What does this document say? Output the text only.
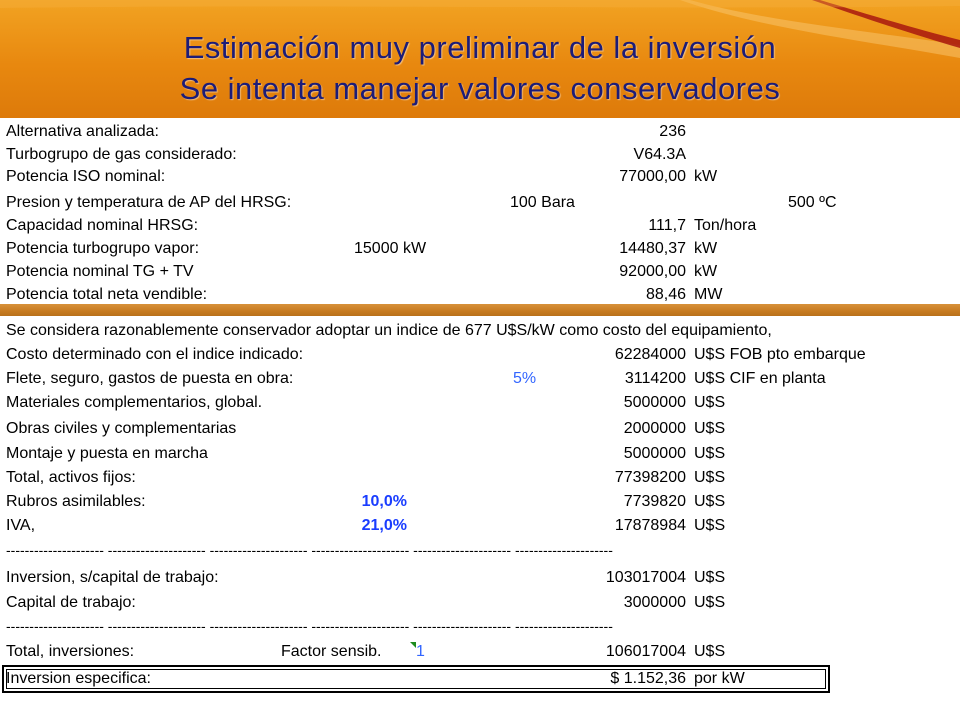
Estimación muy preliminar de la inversión
Se intenta manejar valores conservadores
Alternativa analizada:	236
Turbogrupo de gas considerado:	V64.3A
Potencia ISO nominal:	77000,00 kW
Presion y temperatura de AP del HRSG:	100 Bara	500 ºC
Capacidad nominal HRSG:	111,7 Ton/hora
Potencia turbogrupo vapor:	15000 kW	14480,37 kW
Potencia nominal TG + TV	92000,00 kW
Potencia total neta vendible:	88,46 MW
Se considera razonablemente conservador adoptar un indice de 677 U$S/kW como costo del equipamiento,
Costo determinado con el indice indicado:	62284000 U$S FOB pto embarque
Flete, seguro, gastos de puesta en obra:	5%	3114200 U$S CIF en planta
Materiales complementarios, global.	5000000 U$S
Obras civiles y complementarias	2000000 U$S
Montaje y puesta en marcha	5000000 U$S
Total, activos fijos:	77398200 U$S
Rubros asimilables:	10,0%	7739820 U$S
IVA,	21,0%	17878984 U$S
--------------------- --------------------- --------------------- --------------------- --------------------- ---------------------
Inversion, s/capital de trabajo:	103017004 U$S
Capital de trabajo:	3000000 U$S
--------------------- --------------------- --------------------- --------------------- --------------------- ---------------------
Total, inversiones:	Factor sensib. 1	106017004 U$S
Inversion especifica:	$ 1.152,36 por kW
